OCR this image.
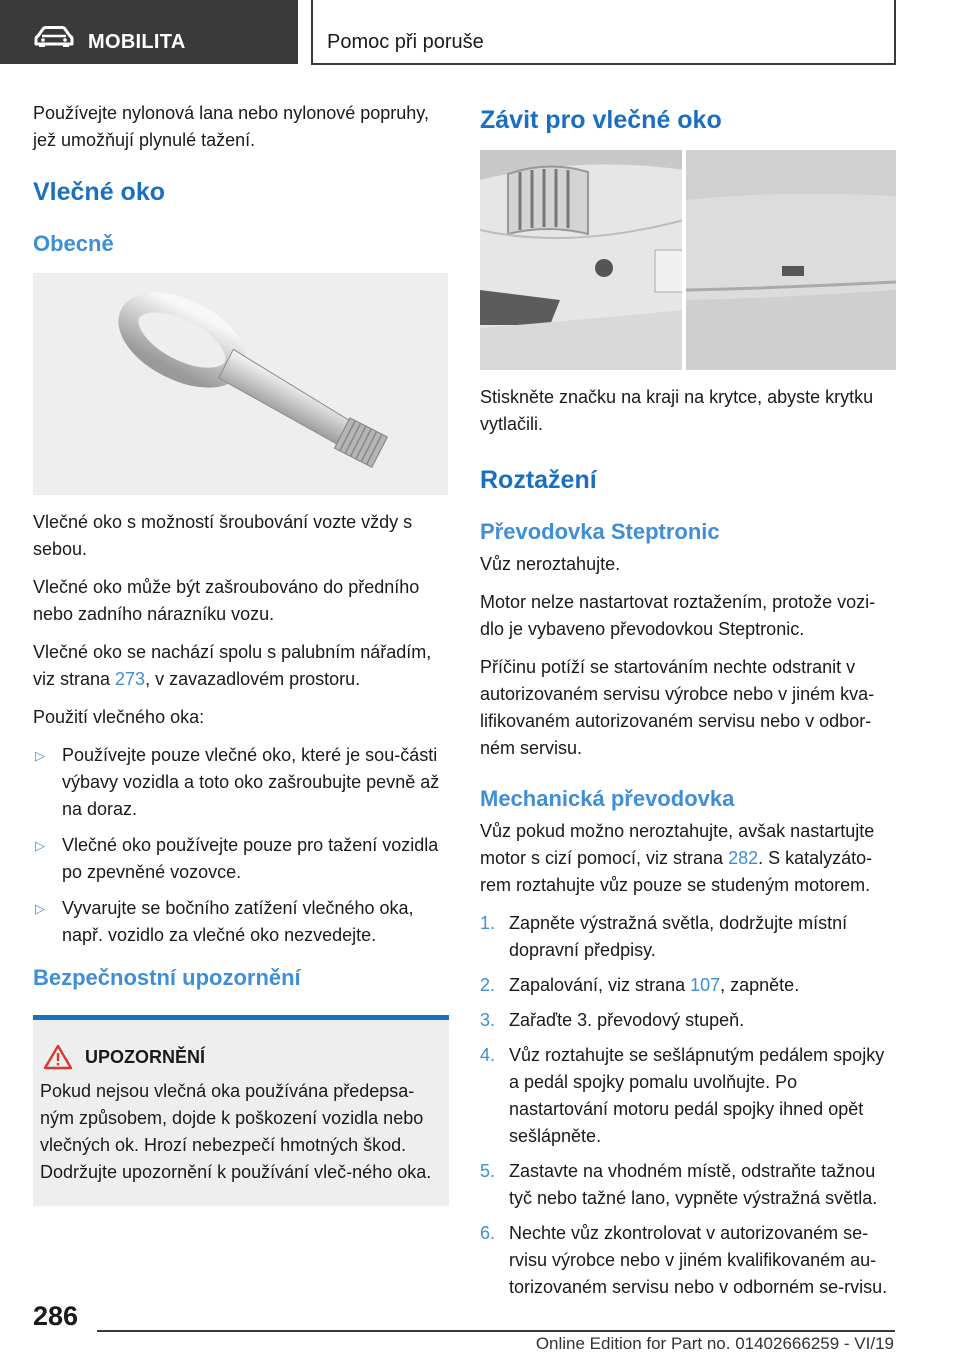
MOBILITA	Pomoc při poruše

Používejte nylonová lana nebo nylonové popruhy, jež umožňují plynulé tažení.

Vlečné oko
Obecně

Vlečné oko s možností šroubování vozte vždy s sebou.

Vlečné oko může být zašroubováno do předního nebo zadního nárazníku vozu.

Vlečné oko se nachází spolu s palubním nářadím, viz strana 273, v zavazadlovém prostoru.

Použití vlečného oka:

▷ Používejte pouze vlečné oko, které je sou-části výbavy vozidla a toto oko zašroubujte pevně až na doraz.
▷ Vlečné oko používejte pouze pro tažení vozidla po zpevněné vozovce.
▷ Vyvarujte se bočního zatížení vlečného oka, např. vozidlo za vlečné oko nezvedejte.
Bezpečnostní upozornění
UPOZORNĚNÍ

Pokud nejsou vlečná oka používána předepsa-ným způsobem, dojde k poškození vozidla nebo vlečných ok. Hrozí nebezpečí hmotných škod. Dodržujte upozornění k používání vleč-ného oka.

Závit pro vlečné oko

Stiskněte značku na kraji na krytce, abyste krytku vytlačili.

Roztažení
Převodovka Steptronic

Vůz neroztahujte.

Motor nelze nastartovat roztažením, protože vozi-dlo je vybaveno převodovkou Steptronic.

Příčinu potíží se startováním nechte odstranit v autorizovaném servisu výrobce nebo v jiném kva-lifikovaném autorizovaném servisu nebo v odbor-ném servisu.

Mechanická převodovka

Vůz pokud možno neroztahujte, avšak nastartujte motor s cizí pomocí, viz strana 282. S katalyzáto-rem roztahujte vůz pouze se studeným motorem.

1. Zapněte výstražná světla, dodržujte místní dopravní předpisy.
2. Zapalování, viz strana 107, zapněte.
3. Zařaďte 3. převodový stupeň.
4. Vůz roztahujte se sešlápnutým pedálem spojky a pedál spojky pomalu uvolňujte. Po nastartování motoru pedál spojky ihned opět sešlápněte.
5. Zastavte na vhodném místě, odstraňte tažnou tyč nebo tažné lano, vypněte výstražná světla.
6. Nechte vůz zkontrolovat v autorizovaném se-rvisu výrobce nebo v jiném kvalifikovaném au-torizovaném servisu nebo v odborném se-rvisu.
286
Online Edition for Part no. 01402666259 - VI/19
